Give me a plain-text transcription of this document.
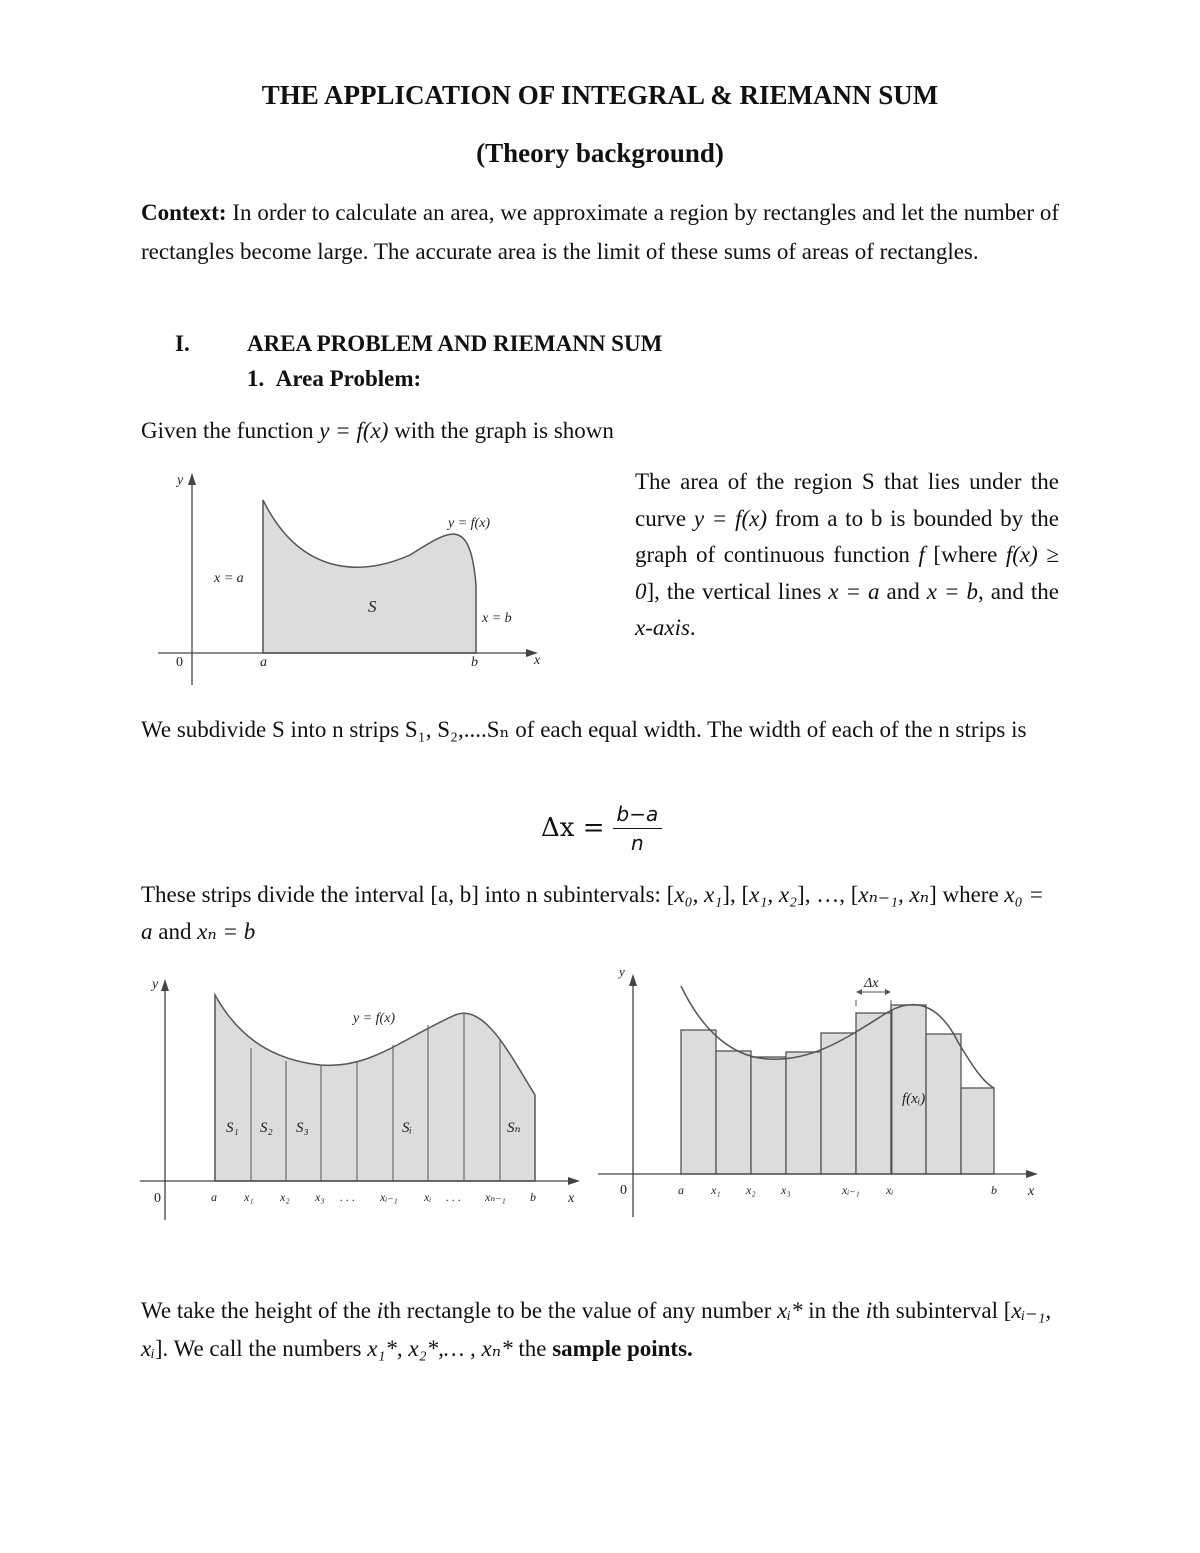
THE APPLICATION OF INTEGRAL & RIEMANN SUM
(Theory background)
Context: In order to calculate an area, we approximate a region by rectangles and let the number of rectangles become large. The accurate area is the limit of these sums of areas of rectangles.
I. AREA PROBLEM AND RIEMANN SUM
1. Area Problem:
Given the function y = f(x) with the graph is shown
y
x
0	a	b
y = f(x)
x = a
x = b
S
The area of the region S that lies under the curve y = f(x) from a to b is bounded by the graph of continuous function f [where f(x) ≥ 0], the vertical lines x = a and x = b, and the x-axis.
We subdivide S into n strips S₁, S₂,....Sₙ of each equal width. The width of each of the n strips is
$\Delta x = \frac{b-a}{n}$
These strips divide the interval [a, b] into n subintervals: [x₀, x₁], [x₁, x₂], …, [xₙ₋₁, xₙ] where x₀ = a and xₙ = b
y
x
0
y = f(x)
S₁ S₂ S₃	Sᵢ	Sₙ
a x₁ x₂ x₃ . . . xᵢ₋₁ xᵢ . . . xₙ₋₁ b
y
x
0
Δx
f(xᵢ)
a x₁ x₂ x₃	xᵢ₋₁ xᵢ	b
We take the height of the ith rectangle to be the value of any number xᵢ* in the ith subinterval [xᵢ₋₁, xᵢ]. We call the numbers x₁*, x₂*,… , xₙ* the sample points.
